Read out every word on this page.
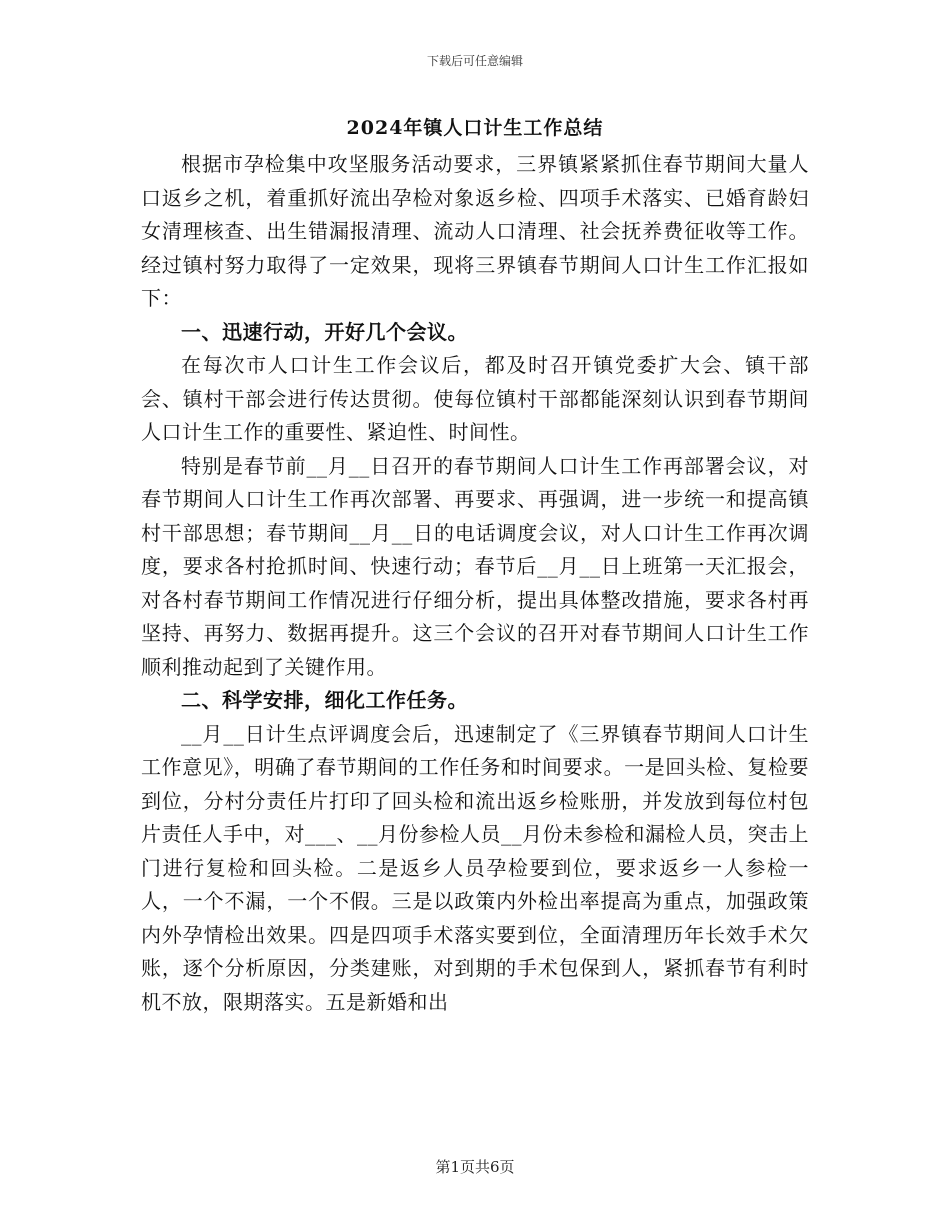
下载后可任意编辑
2024年镇人口计生工作总结

根据市孕检集中攻坚服务活动要求，三界镇紧紧抓住春节期间大量人口返乡之机，着重抓好流出孕检对象返乡检、四项手术落实、已婚育龄妇女清理核查、出生错漏报清理、流动人口清理、社会抚养费征收等工作。经过镇村努力取得了一定效果，现将三界镇春节期间人口计生工作汇报如下：

一、迅速行动，开好几个会议。

在每次市人口计生工作会议后，都及时召开镇党委扩大会、镇干部会、镇村干部会进行传达贯彻。使每位镇村干部都能深刻认识到春节期间人口计生工作的重要性、紧迫性、时间性。

特别是春节前__月__日召开的春节期间人口计生工作再部署会议，对春节期间人口计生工作再次部署、再要求、再强调，进一步统一和提高镇村干部思想；春节期间__月__日的电话调度会议，对人口计生工作再次调度，要求各村抢抓时间、快速行动；春节后__月__日上班第一天汇报会，对各村春节期间工作情况进行仔细分析，提出具体整改措施，要求各村再坚持、再努力、数据再提升。这三个会议的召开对春节期间人口计生工作顺利推动起到了关键作用。

二、科学安排，细化工作任务。

__月__日计生点评调度会后，迅速制定了《三界镇春节期间人口计生工作意见》，明确了春节期间的工作任务和时间要求。一是回头检、复检要到位，分村分责任片打印了回头检和流出返乡检账册，并发放到每位村包片责任人手中，对___、__月份参检人员__月份未参检和漏检人员，突击上门进行复检和回头检。二是返乡人员孕检要到位，要求返乡一人参检一人，一个不漏，一个不假。三是以政策内外检出率提高为重点，加强政策内外孕情检出效果。四是四项手术落实要到位，全面清理历年长效手术欠账，逐个分析原因，分类建账，对到期的手术包保到人，紧抓春节有利时机不放，限期落实。五是新婚和出

第1页共6页
